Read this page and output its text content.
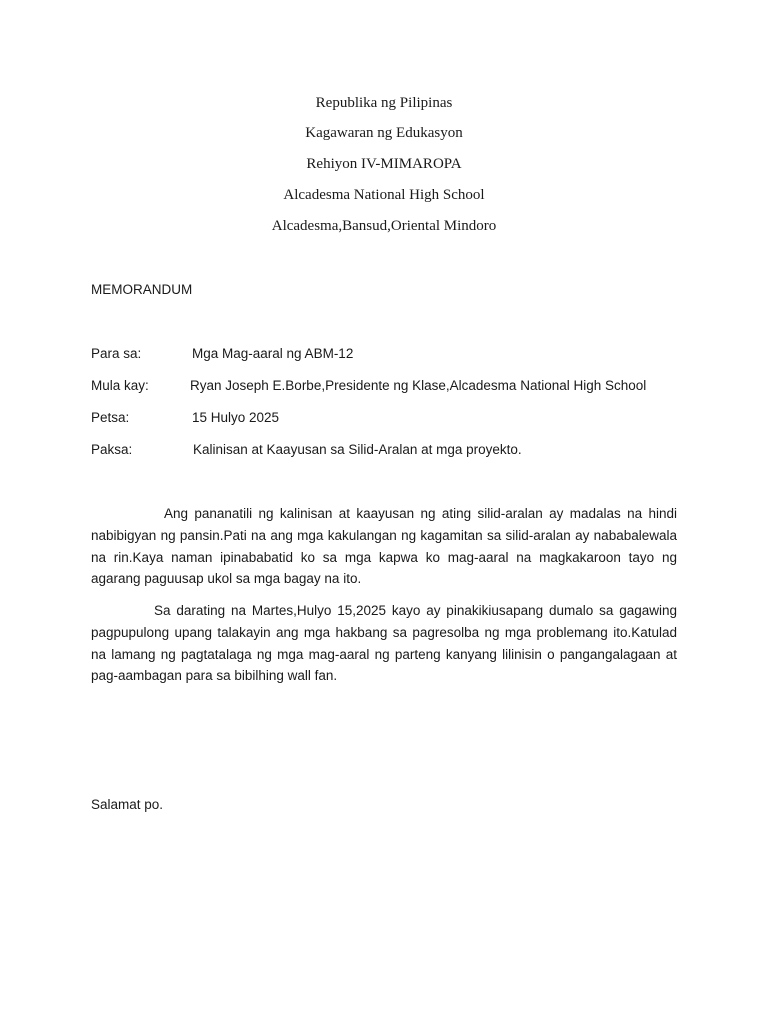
Republika ng Pilipinas
Kagawaran ng Edukasyon
Rehiyon IV-MIMAROPA
Alcadesma National High School
Alcadesma,Bansud,Oriental Mindoro
MEMORANDUM
Para sa:	Mga Mag-aaral ng ABM-12
Mula kay:	Ryan Joseph E.Borbe,Presidente ng Klase,Alcadesma National High School
Petsa:	15 Hulyo 2025
Paksa:	Kalinisan at Kaayusan sa Silid-Aralan at mga proyekto.
Ang pananatili ng kalinisan at kaayusan ng ating silid-aralan ay madalas na hindi nabibigyan ng pansin.Pati na ang mga kakulangan ng kagamitan sa silid-aralan ay nababalewala na rin.Kaya naman ipinababatid ko sa mga kapwa ko mag-aaral na magkakaroon tayo ng agarang paguusap ukol sa mga bagay na ito.
Sa darating na Martes,Hulyo 15,2025 kayo ay pinakikiusapang dumalo sa gagawing pagpupulong upang talakayin ang mga hakbang sa pagresolba ng mga problemang ito.Katulad na lamang ng pagtatalaga ng mga mag-aaral ng parteng kanyang lilinisin o pangangalagaan at pag-aambagan para sa bibilhing wall fan.
Salamat po.
